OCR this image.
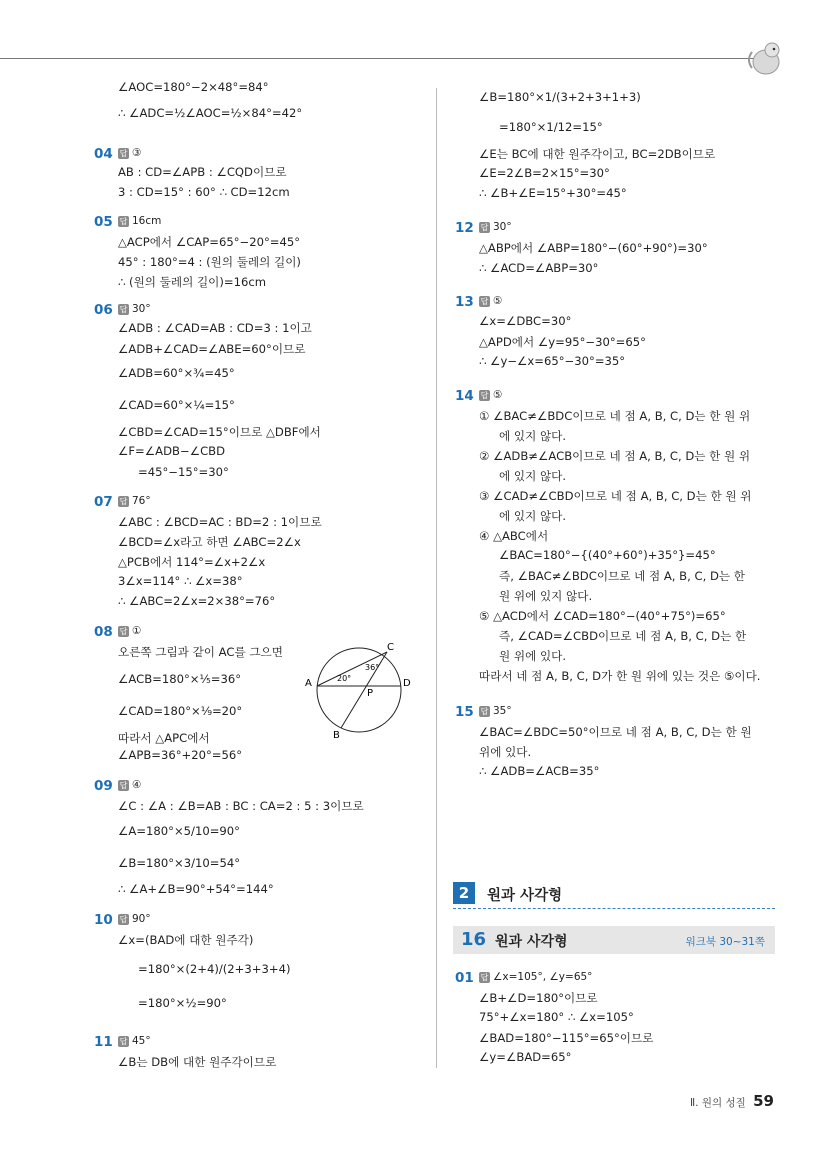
∠AOC=180°−2×48°=84°
∴ ∠ADC=½∠AOC=½×84°=42°
04 답 ③
AB : CD=∠APB : ∠CQD이므로
3 : CD=15° : 60° ∴ CD=12cm
05 답 16cm
△ACP에서 ∠CAP=65°−20°=45°
45° : 180°=4 : (원의 둘레의 길이)
∴ (원의 둘레의 길이)=16cm
06 답 30°
∠ADB : ∠CAD=AB : CD=3 : 1이고
∠ADB+∠CAD=∠ABE=60°이므로
∠ADB=60°×¾=45°
∠CAD=60°×¼=15°
∠CBD=∠CAD=15°이므로 △DBF에서
∠F=∠ADB−∠CBD
=45°−15°=30°
07 답 76°
∠ABC : ∠BCD=AC : BD=2 : 1이므로
∠BCD=∠x라고 하면 ∠ABC=2∠x
△PCB에서 114°=∠x+2∠x
3∠x=114° ∴ ∠x=38°
∴ ∠ABC=2∠x=2×38°=76°
08 답 ①
오른쪽 그림과 같이 AC를 그으면
∠ACB=180°×⅕=36°
∠CAD=180°×⅑=20°
따라서 △APC에서
∠APB=36°+20°=56°
09 답 ④
∠C : ∠A : ∠B=AB : BC : CA=2 : 5 : 3이므로
∠A=180°×5/10=90°
∠B=180°×3/10=54°
∴ ∠A+∠B=90°+54°=144°
10 답 90°
∠x=(BAD에 대한 원주각)
=180°×(2+4)/(2+3+3+4)
=180°×½=90°
11 답 45°
∠B는 DB에 대한 원주각이므로
A	D
C
B
P
20°
36°
∠B=180°×1/(3+2+3+1+3)
=180°×1/12=15°
∠E는 BC에 대한 원주각이고, BC=2DB이므로
∠E=2∠B=2×15°=30°
∴ ∠B+∠E=15°+30°=45°
12 답 30°
△ABP에서 ∠ABP=180°−(60°+90°)=30°
∴ ∠ACD=∠ABP=30°
13 답 ⑤
∠x=∠DBC=30°
△APD에서 ∠y=95°−30°=65°
∴ ∠y−∠x=65°−30°=35°
14 답 ⑤
① ∠BAC≠∠BDC이므로 네 점 A, B, C, D는 한 원 위
에 있지 않다.
② ∠ADB≠∠ACB이므로 네 점 A, B, C, D는 한 원 위
에 있지 않다.
③ ∠CAD≠∠CBD이므로 네 점 A, B, C, D는 한 원 위
에 있지 않다.
④ △ABC에서
∠BAC=180°−{(40°+60°)+35°}=45°
즉, ∠BAC≠∠BDC이므로 네 점 A, B, C, D는 한
원 위에 있지 않다.
⑤ △ACD에서 ∠CAD=180°−(40°+75°)=65°
즉, ∠CAD=∠CBD이므로 네 점 A, B, C, D는 한
원 위에 있다.
따라서 네 점 A, B, C, D가 한 원 위에 있는 것은 ⑤이다.
15 답 35°
∠BAC=∠BDC=50°이므로 네 점 A, B, C, D는 한 원
위에 있다.
∴ ∠ADB=∠ACB=35°
01 답 ∠x=105°, ∠y=65°
∠B+∠D=180°이므로
75°+∠x=180° ∴ ∠x=105°
∠BAD=180°−115°=65°이므로
∠y=∠BAD=65°
2	원과 사각형
16 원과 사각형	워크북 30~31쪽
Ⅱ. 원의 성질 59
